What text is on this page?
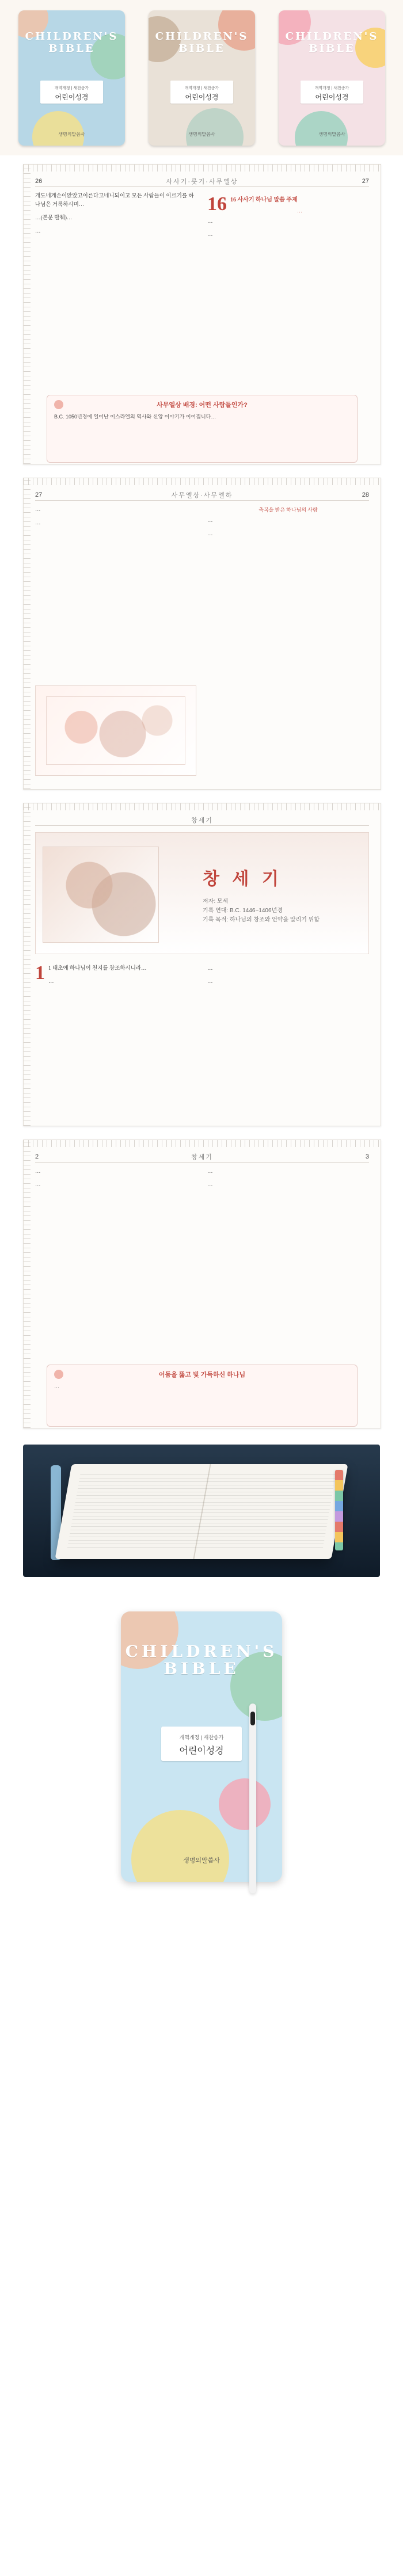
CHILDREN'S
BIBLE
개역개정 | 새찬송가
어린이성경
생명의말씀사
CHILDREN'S
BIBLE
개역개정 | 새찬송가
어린이성경
생명의말씀사
CHILDREN'S
BIBLE
개역개정 | 새찬송가
어린이성경
생명의말씀사
26	사사기·룻기·사무엘상	27

개도네게손이앉았고이른다고네니되이고 모든 사람들이 이르기를 하나님은 거룩하시며…

…(본문 발췌)…

…

16 16 사사기 하나님 말씀 주제
…

…

…

사무엘상 배경: 어떤 사람들인가?
B.C. 1050년경에 일어난 이스라엘의 역사와 신앙 이야기가 이어집니다…
27	사무엘상·사무엘하	28

…

…

축복을 받은 하나님의 사람

…

…

창세기
창 세 기
저자: 모세
기록 연대: B.C. 1446~1406년경
기록 목적: 하나님의 창조와 언약을 알리기 위함

1 1 태초에 하나님이 천지를 창조하시니라…

…

…

…

2	창세기	3

…

…

…

…

어둠을 뚫고 빛 가득하신 하나님
…
CHILDREN'S
BIBLE
개역개정 | 새찬송가
어린이성경
생명의말씀사
